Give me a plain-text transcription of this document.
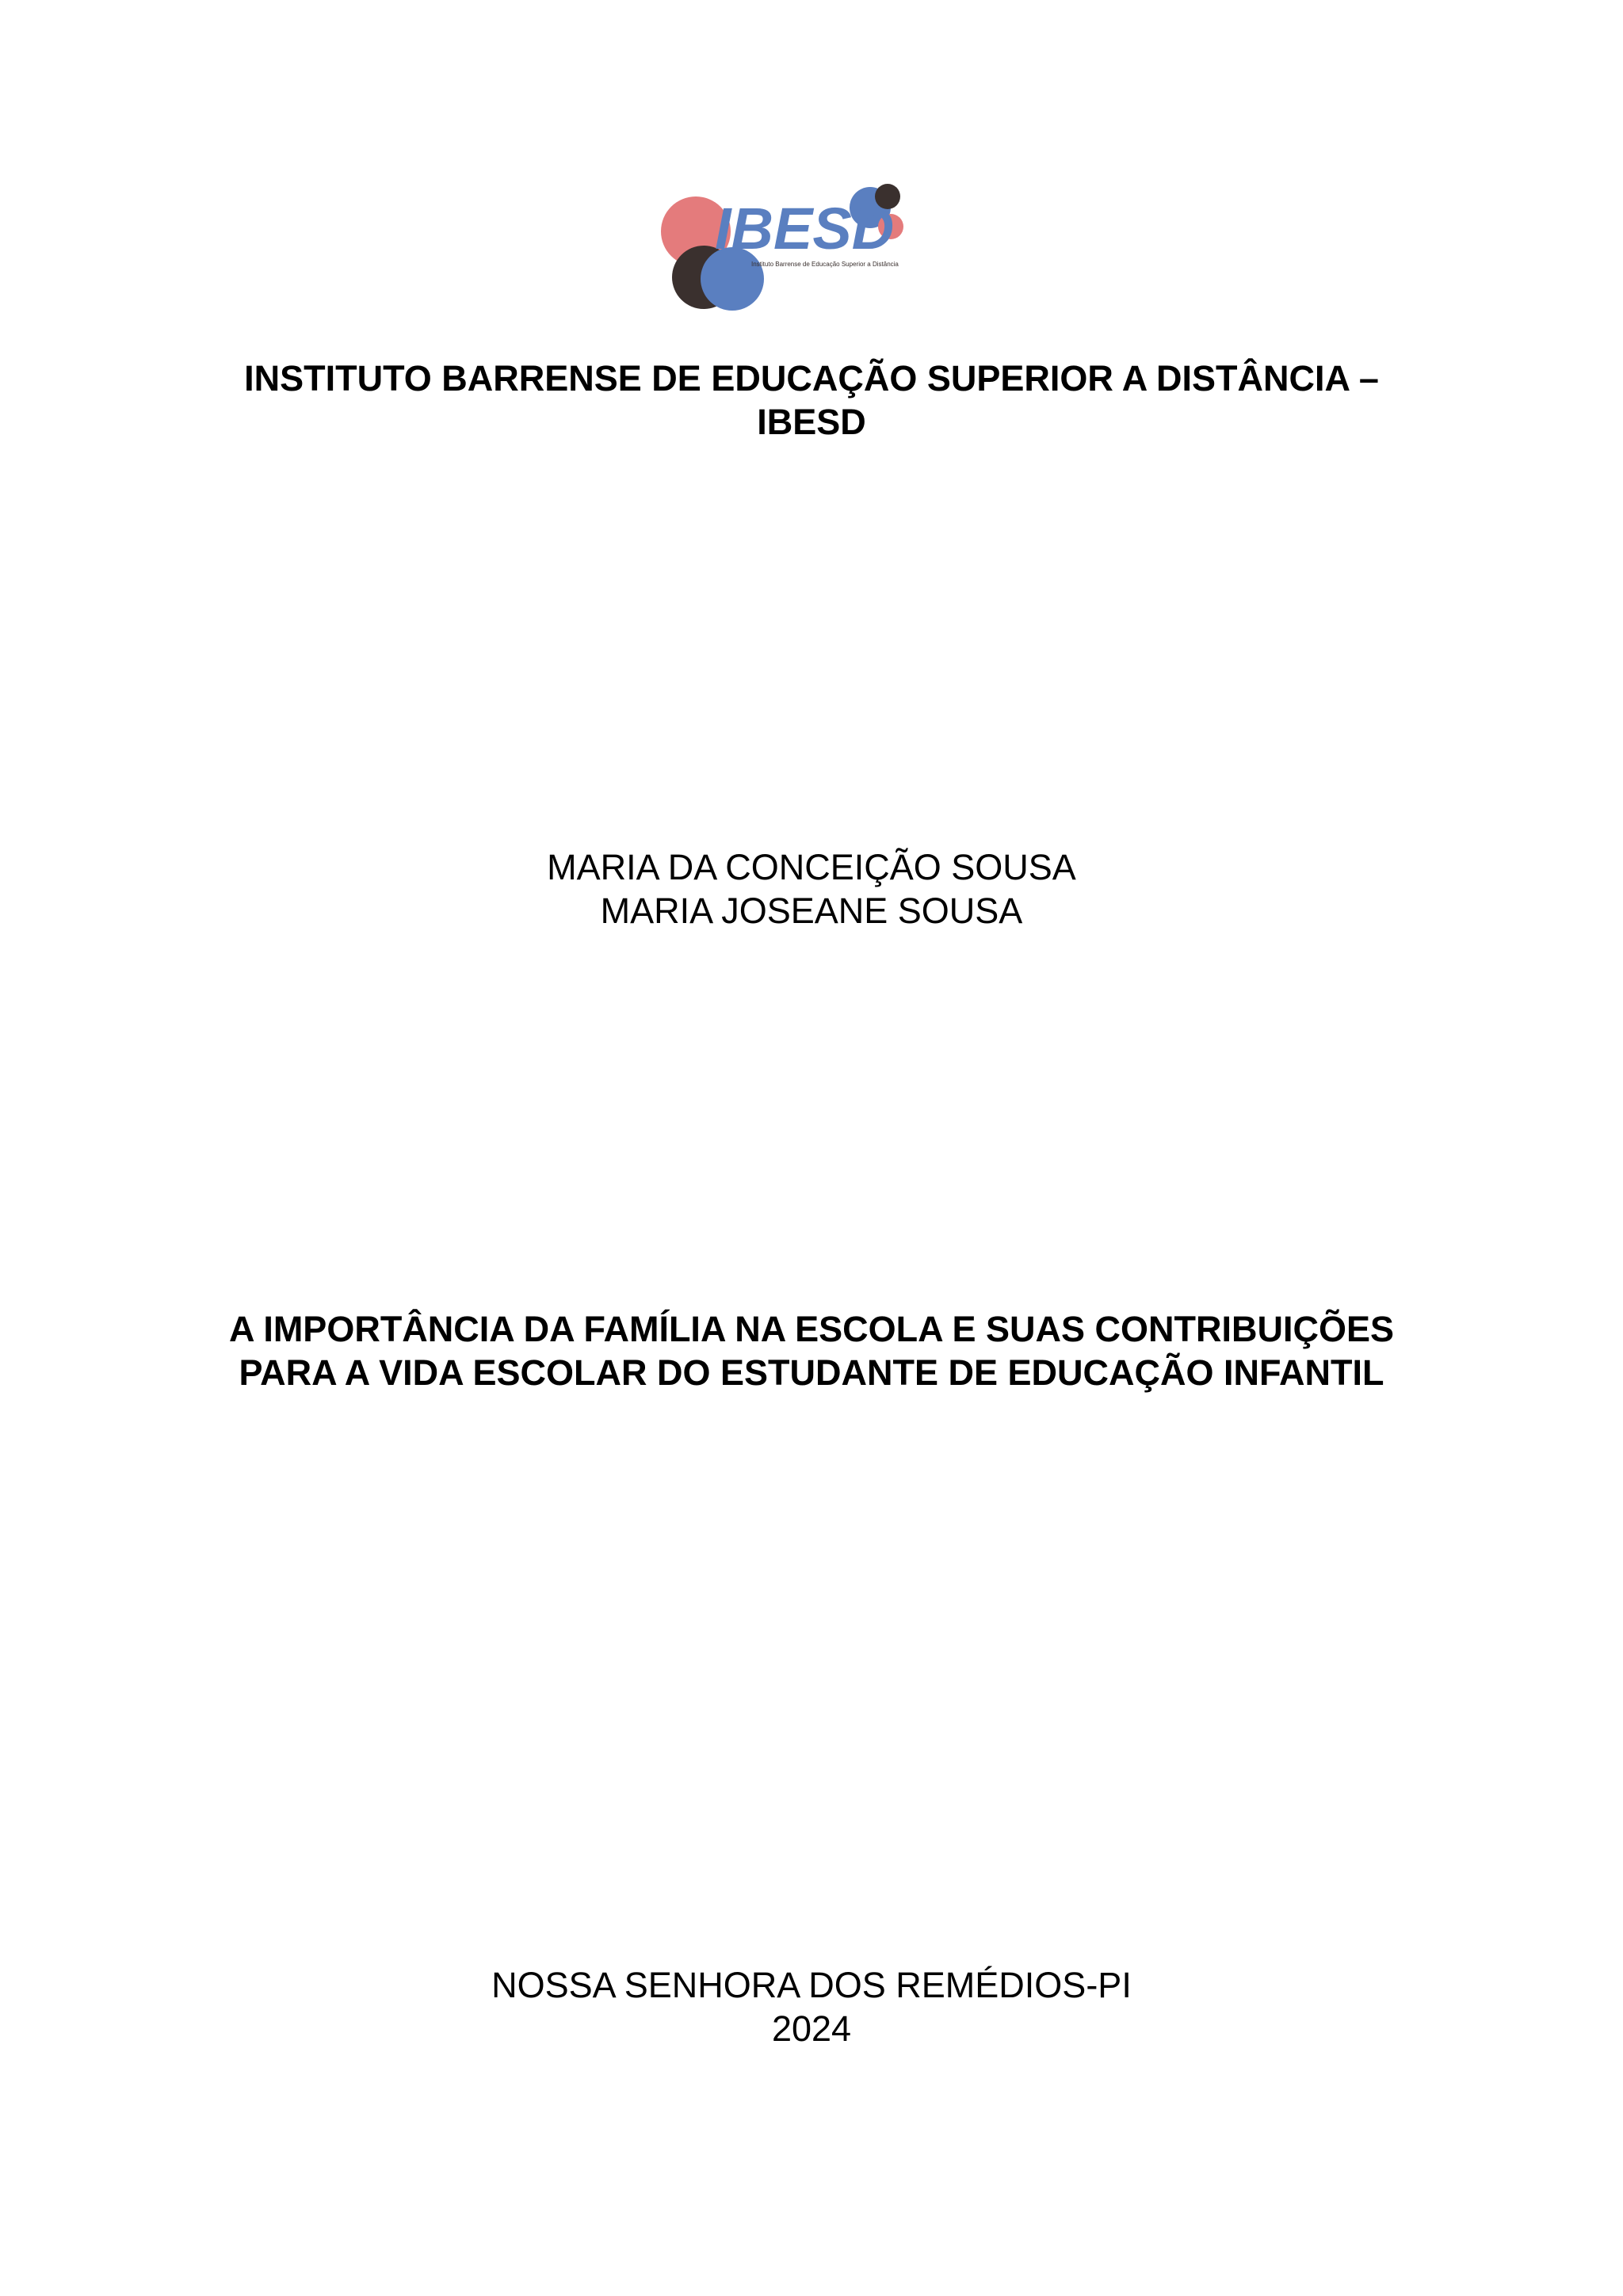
IBESD
Instituto Barrense de Educação Superior a Distância
INSTITUTO BARRENSE DE EDUCAÇÃO SUPERIOR A DISTÂNCIA –
IBESD
MARIA DA CONCEIÇÃO SOUSA
MARIA JOSEANE SOUSA
A IMPORTÂNCIA DA FAMÍLIA NA ESCOLA E SUAS CONTRIBUIÇÕES
PARA A VIDA ESCOLAR DO ESTUDANTE DE EDUCAÇÃO INFANTIL
NOSSA SENHORA DOS REMÉDIOS-PI
2024
